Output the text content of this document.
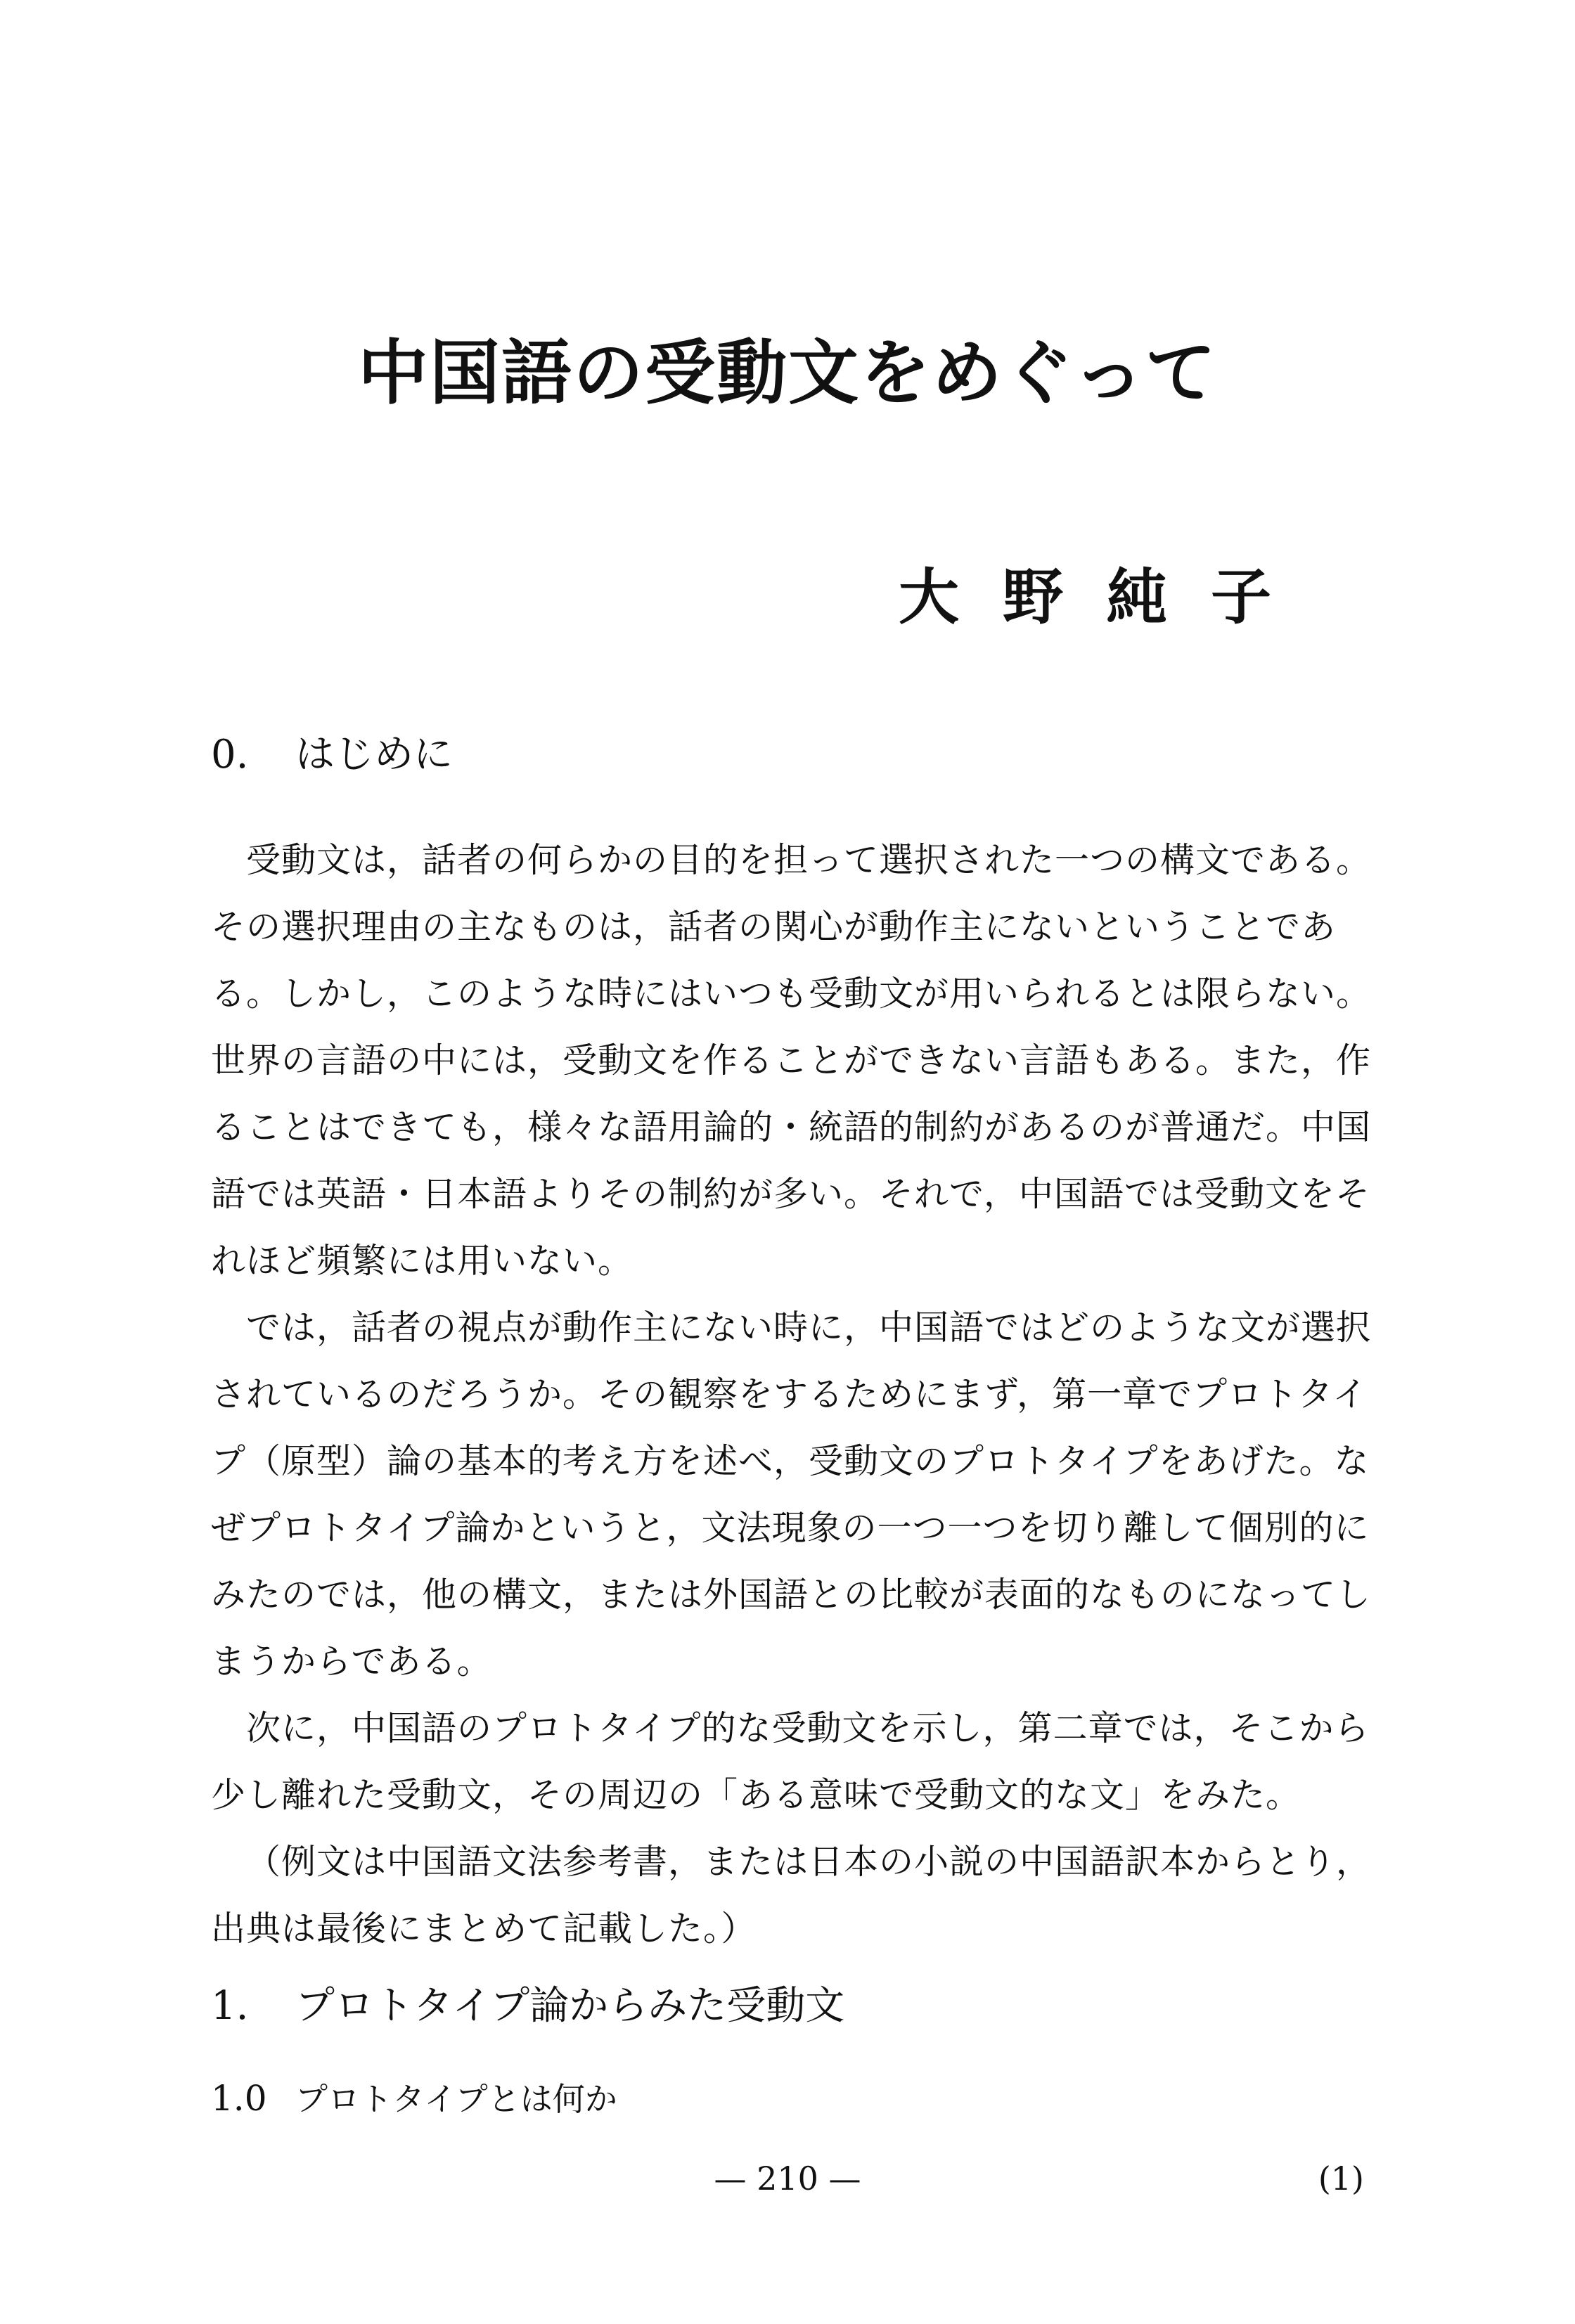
中国語の受動文をめぐって
大野純子
0. はじめに

受動文は，話者の何らかの目的を担って選択された一つの構文である。その選択理由の主なものは，話者の関心が動作主にないということである。しかし，このような時にはいつも受動文が用いられるとは限らない。世界の言語の中には，受動文を作ることができない言語もある。また，作ることはできても，様々な語用論的・統語的制約があるのが普通だ。中国語では英語・日本語よりその制約が多い。それで，中国語では受動文をそれほど頻繁には用いない。

では，話者の視点が動作主にない時に，中国語ではどのような文が選択されているのだろうか。その観察をするためにまず，第一章でプロトタイプ（原型）論の基本的考え方を述べ，受動文のプロトタイプをあげた。なぜプロトタイプ論かというと，文法現象の一つ一つを切り離して個別的にみたのでは，他の構文，または外国語との比較が表面的なものになってしまうからである。

次に，中国語のプロトタイプ的な受動文を示し，第二章では，そこから少し離れた受動文，その周辺の「ある意味で受動文的な文」をみた。

（例文は中国語文法参考書，または日本の小説の中国語訳本からとり，出典は最後にまとめて記載した。）

1. プロトタイプ論からみた受動文
1.0 プロトタイプとは何か
— 210 —	(1)
